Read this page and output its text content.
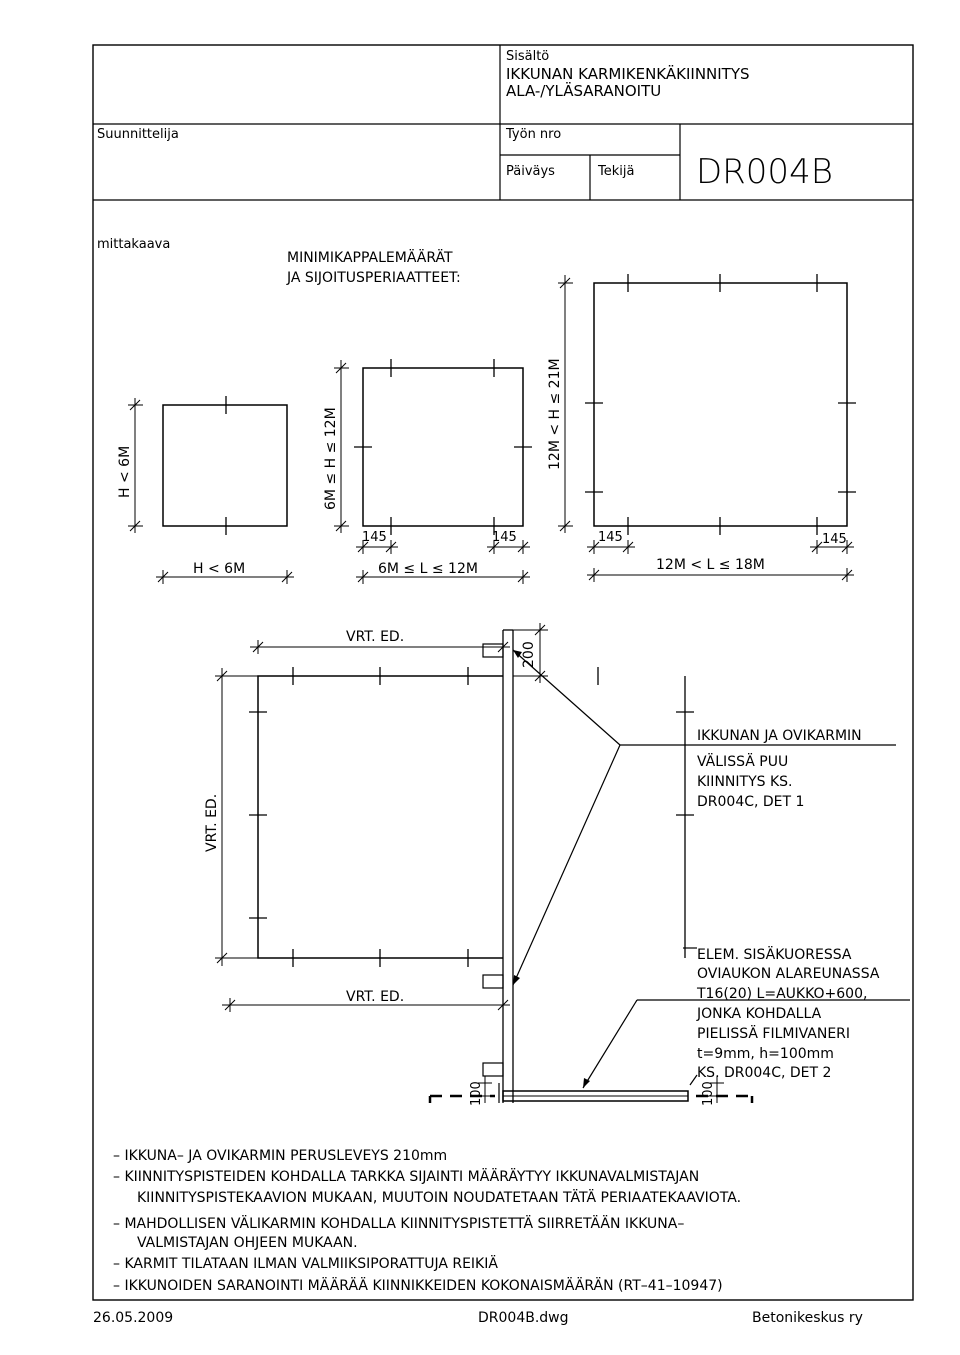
Sisältö
IKKUNAN KARMIKENKÄKIINNITYS
ALA-/YLÄSARANOITU
Suunnittelija	Työn nro
Päiväys	Tekijä DR004B
mittakaava
MINIMIKAPPALEMÄÄRÄT
JA SIJOITUSPERIAATTEET:
H < 6M
H < 6M
6M ≤ H ≤ 12M
145	145
6M ≤ L ≤ 12M
12M < H ≤ 21M
145	145
12M < L ≤ 18M
VRT. ED.
200
VRT. ED.
VRT. ED.
100	100
IKKUNAN JA OVIKARMIN
VÄLISSÄ PUU
KIINNITYS KS.
DR004C, DET 1
ELEM. SISÄKUORESSA
OVIAUKON ALAREUNASSA
T16(20) L=AUKKO+600,
JONKA KOHDALLA
PIELISSÄ FILMIVANERI
t=9mm, h=100mm
KS. DR004C, DET 2
– IKKUNA– JA OVIKARMIN PERUSLEVEYS 210mm
– KIINNITYSPISTEIDEN KOHDALLA TARKKA SIJAINTI MÄÄRÄYTYY IKKUNAVALMISTAJAN
KIINNITYSPISTEKAAVION MUKAAN, MUUTOIN NOUDATETAAN TÄTÄ PERIAATEKAAVIOTA.
– MAHDOLLISEN VÄLIKARMIN KOHDALLA KIINNITYSPISTETTÄ SIIRRETÄÄN IKKUNA–
VALMISTAJAN OHJEEN MUKAAN.
– KARMIT TILATAAN ILMAN VALMIIKSIPORATTUJA REIKIÄ
– IKKUNOIDEN SARANOINTI MÄÄRÄÄ KIINNIKKEIDEN KOKONAISMÄÄRÄN (RT–41–10947)
26.05.2009	DR004B.dwg	Betonikeskus ry
